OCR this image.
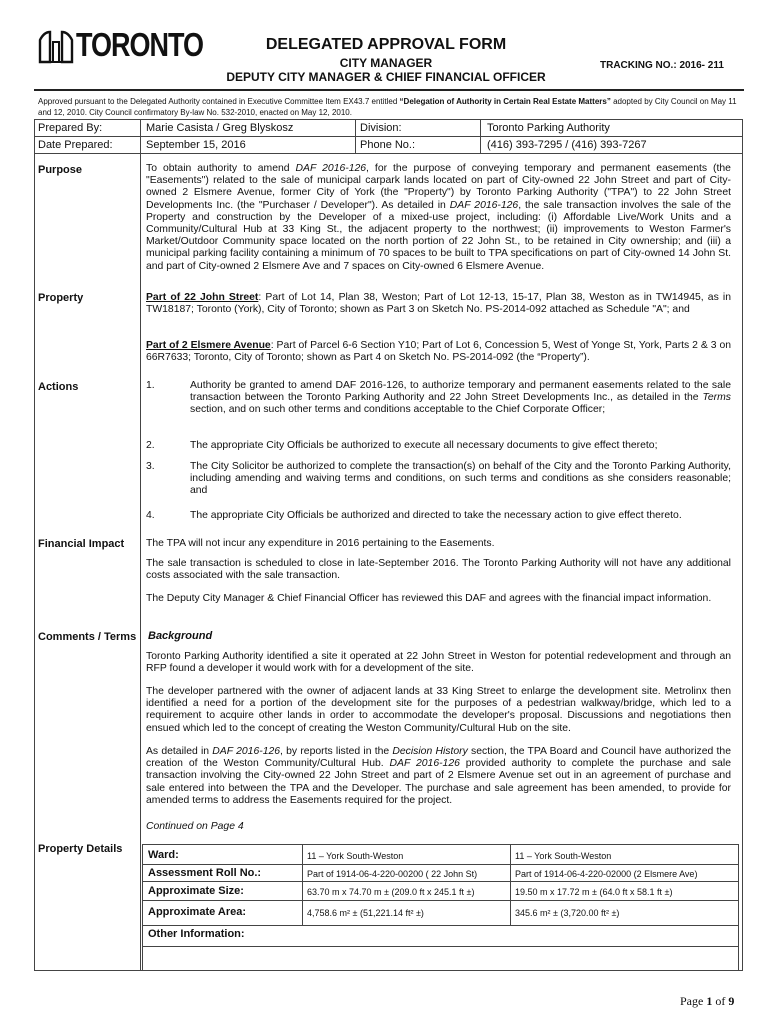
TORONTO	DELEGATED APPROVAL FORM
CITY MANAGER
DEPUTY CITY MANAGER & CHIEF FINANCIAL OFFICER
TRACKING NO.: 2016- 211
Approved pursuant to the Delegated Authority contained in Executive Committee Item EX43.7 entitled “Delegation of Authority in Certain Real Estate Matters” adopted by City Council on May 11 and 12, 2010. City Council confirmatory By-law No. 532-2010, enacted on May 12, 2010.
Prepared By:	Marie Casista / Greg Blyskosz	Division:	Toronto Parking Authority
Date Prepared:	September 15, 2016	Phone No.:	(416) 393-7295 / (416) 393-7267
Purpose	To obtain authority to amend DAF 2016-126, for the purpose of conveying temporary and permanent easements (the "Easements") related to the sale of municipal carpark lands located on part of City-owned 22 John Street and part of City-owned 2 Elsmere Avenue, former City of York (the "Property") by Toronto Parking Authority ("TPA") to 22 John Street Developments Inc. (the "Purchaser / Developer"). As detailed in DAF 2016-126, the sale transaction involves the sale of the Property and construction by the Developer of a mixed-use project, including: (i) Affordable Live/Work Units and a Community/Cultural Hub at 33 King St., the adjacent property to the northwest; (ii) improvements to Weston Farmer's Market/Outdoor Community space located on the north portion of 22 John St., to be retained in City ownership; and (iii) a municipal parking facility containing a minimum of 70 spaces to be built to TPA specifications on part of City-owned 14 John St. and part of City-owned 2 Elsmere Ave and 7 spaces on City-owned 6 Elsmere Avenue.
Property	Part of 22 John Street: Part of Lot 14, Plan 38, Weston; Part of Lot 12-13, 15-17, Plan 38, Weston as in TW14945, as in TW18187; Toronto (York), City of Toronto; shown as Part 3 on Sketch No. PS-2014-092 attached as Schedule "A"; and
Part of 2 Elsmere Avenue: Part of Parcel 6-6 Section Y10; Part of Lot 6, Concession 5, West of Yonge St, York, Parts 2 & 3 on 66R7633; Toronto, City of Toronto; shown as Part 4 on Sketch No. PS-2014-092 (the “Property”).
Actions	1.	Authority be granted to amend DAF 2016-126, to authorize temporary and permanent easements related to the sale transaction between the Toronto Parking Authority and 22 John Street Developments Inc., as detailed in the Terms section, and on such other terms and conditions acceptable to the Chief Corporate Officer;
2.	The appropriate City Officials be authorized to execute all necessary documents to give effect thereto;
3.	The City Solicitor be authorized to complete the transaction(s) on behalf of the City and the Toronto Parking Authority, including amending and waiving terms and conditions, on such terms and conditions as she considers reasonable; and
4.	The appropriate City Officials be authorized and directed to take the necessary action to give effect thereto.
Financial Impact The TPA will not incur any expenditure in 2016 pertaining to the Easements.
The sale transaction is scheduled to close in late-September 2016. The Toronto Parking Authority will not have any additional costs associated with the sale transaction.
The Deputy City Manager & Chief Financial Officer has reviewed this DAF and agrees with the financial impact information.
Comments / Terms Background
Toronto Parking Authority identified a site it operated at 22 John Street in Weston for potential redevelopment and through an RFP found a developer it would work with for a development of the site.
The developer partnered with the owner of adjacent lands at 33 King Street to enlarge the development site. Metrolinx then identified a need for a portion of the development site for the purposes of a pedestrian walkway/bridge, which led to a requirement to acquire other lands in order to accommodate the developer's proposal. Discussions and negotiations then ensued which led to the concept of creating the Weston Community/Cultural Hub on the site.
As detailed in DAF 2016-126, by reports listed in the Decision History section, the TPA Board and Council have authorized the creation of the Weston Community/Cultural Hub. DAF 2016-126 provided authority to complete the purchase and sale transaction involving the City-owned 22 John Street and part of 2 Elsmere Avenue set out in an agreement of purchase and sale entered into between the TPA and the Developer. The purchase and sale agreement has been amended, to provide for amended terms to address the Easements required for the project.
Continued on Page 4
Property Details Ward:	11 – York South-Weston	11 – York South-Weston
Assessment Roll No.:	Part of 1914-06-4-220-00200 ( 22 John St)	Part of 1914-06-4-220-02000 (2 Elsmere Ave)
Approximate Size:	63.70 m x 74.70 m ± (209.0 ft x 245.1 ft ±)	19.50 m x 17.72 m ± (64.0 ft x 58.1 ft ±)
Approximate Area:	4,758.6 m² ± (51,221.14 ft² ±)	345.6 m² ± (3,720.00 ft² ±)
Other Information:
Page 1 of 9
